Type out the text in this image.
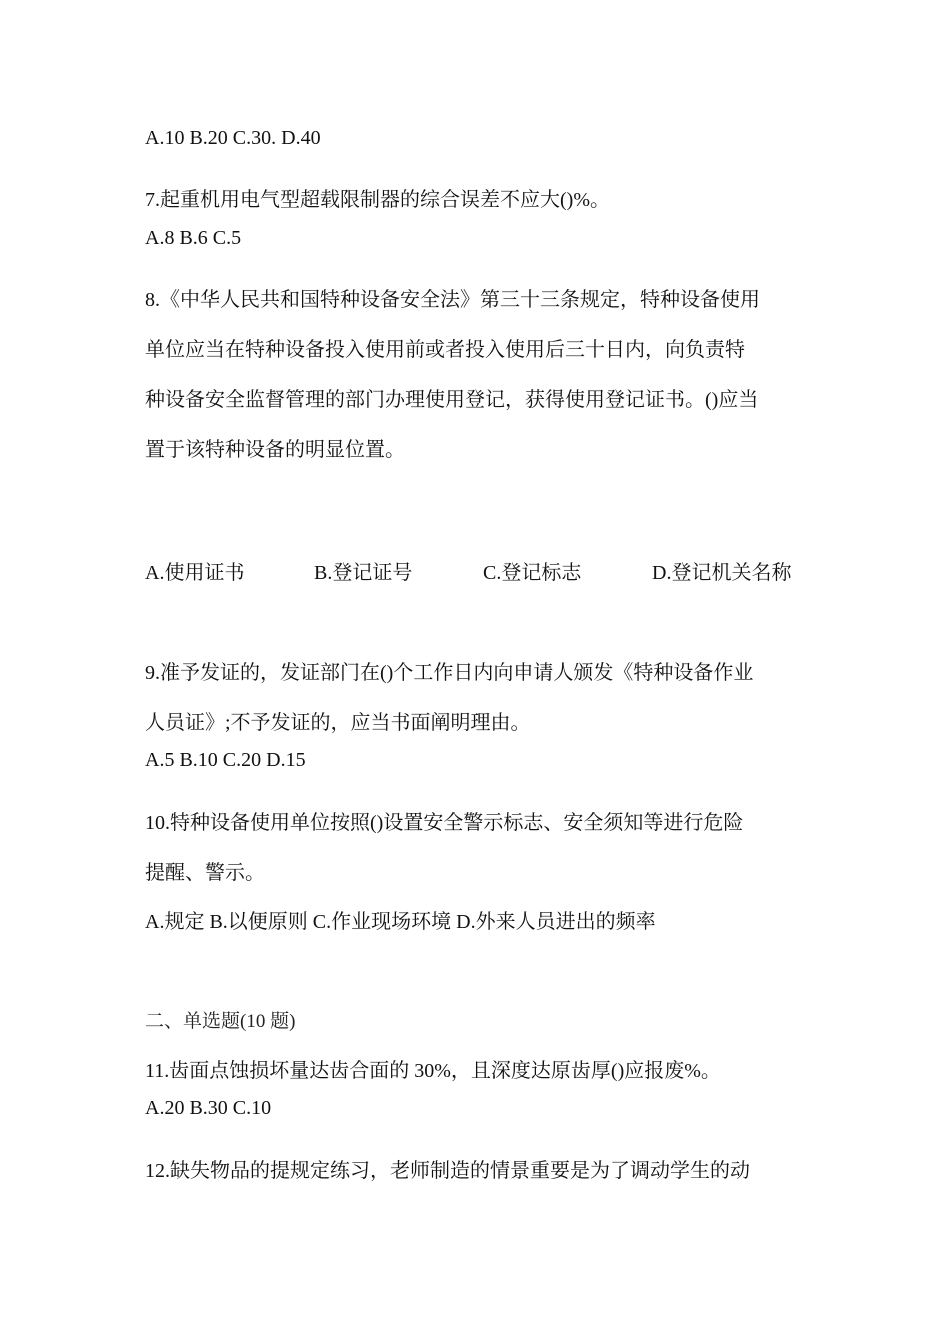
A.10 B.20 C.30. D.40
7.起重机用电气型超载限制器的综合误差不应大()%。
A.8 B.6 C.5
8.《中华人民共和国特种设备安全法》第三十三条规定，特种设备使用
单位应当在特种设备投入使用前或者投入使用后三十日内，向负责特
种设备安全监督管理的部门办理使用登记，获得使用登记证书。()应当
置于该特种设备的明显位置。
A.使用证书	B.登记证号	C.登记标志	D.登记机关名称
9.准予发证的，发证部门在()个工作日内向申请人颁发《特种设备作业
人员证》;不予发证的，应当书面阐明理由。
A.5 B.10 C.20 D.15
10.特种设备使用单位按照()设置安全警示标志、安全须知等进行危险
提醒、警示。
A.规定 B.以便原则 C.作业现场环境 D.外来人员进出的频率
二、单选题(10 题)
11.齿面点蚀损坏量达齿合面的 30%，且深度达原齿厚()应报废%。
A.20 B.30 C.10
12.缺失物品的提规定练习，老师制造的情景重要是为了调动学生的动
